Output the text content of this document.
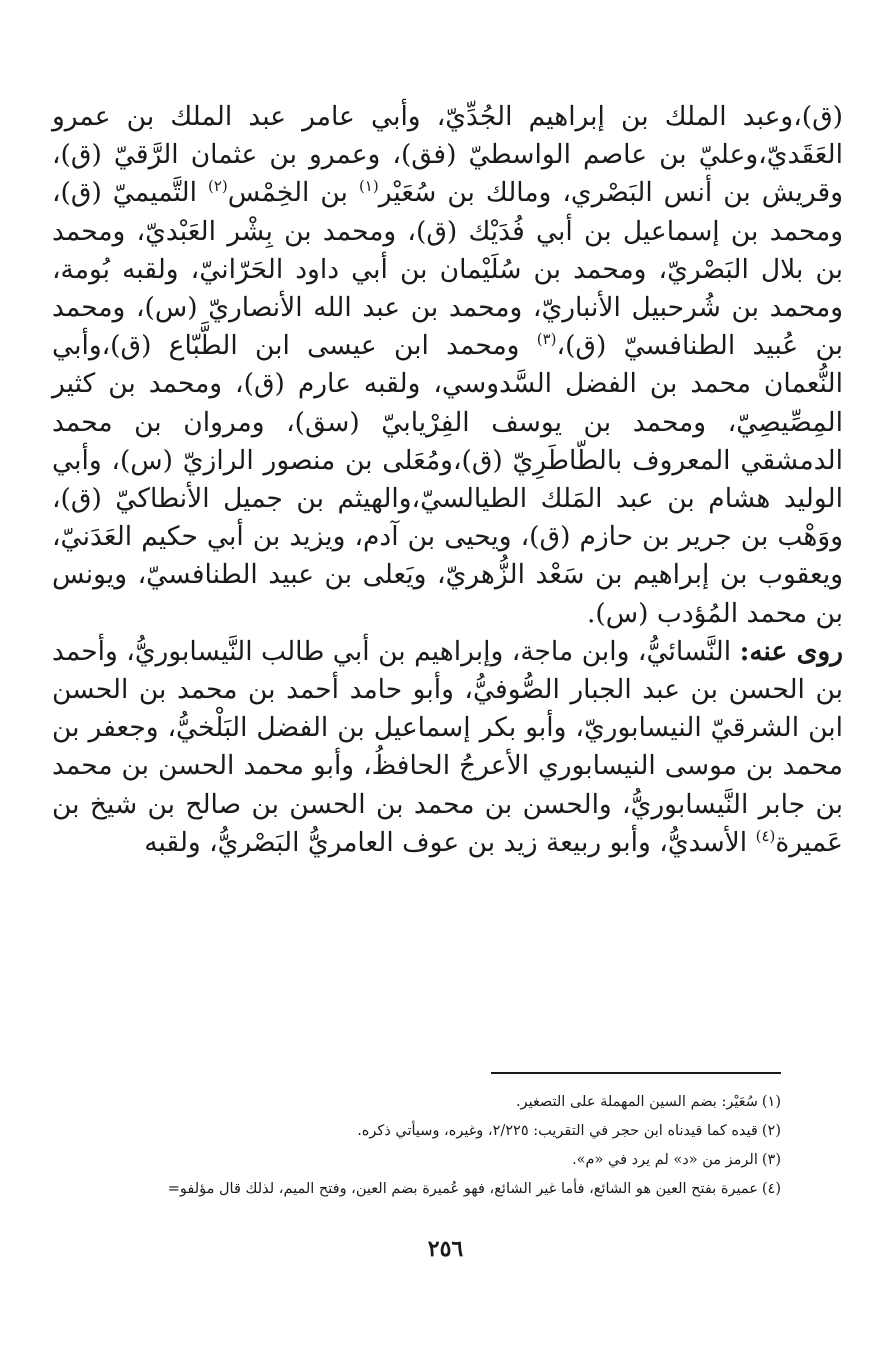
(ق)،وعبد الملك بن إبراهيم الجُدِّيّ، وأبي عامر عبد الملك بن عمرو العَقَديّ،وعليّ بن عاصم الواسطيّ (فق)، وعمرو بن عثمان الرَّقيّ (ق)، وقريش بن أنس البَصْري، ومالك بن سُعَيْر$^{(١)}$ بن الخِمْس$^{(٢)}$ التَّميميّ (ق)، ومحمد بن إسماعيل بن أبي فُدَيْك (ق)، ومحمد بن بِشْر العَبْديّ، ومحمد بن بلال البَصْريّ، ومحمد بن سُلَيْمان بن أبي داود الحَرّانيّ، ولقبه بُومة، ومحمد بن شُرحبيل الأنباريّ، ومحمد بن عبد الله الأنصاريّ (س)، ومحمد بن عُبيد الطنافسيّ (ق)،$^{(٣)}$ ومحمد ابن عيسى ابن الطَّبّاع (ق)،وأبي النُّعمان محمد بن الفضل السَّدوسي، ولقبه عارم (ق)، ومحمد بن كثير المِصِّيصِيّ، ومحمد بن يوسف الفِرْيابيّ (سق)، ومروان بن محمد الدمشقي المعروف بالطّاطَرِيّ (ق)،ومُعَلى بن منصور الرازيّ (س)، وأبي الوليد هشام بن عبد المَلك الطيالسيّ،والهيثم بن جميل الأنطاكيّ (ق)، ووَهْب بن جرير بن حازم (ق)، ويحيى بن آدم، ويزيد بن أبي حكيم العَدَنيّ، ويعقوب بن إبراهيم بن سَعْد الزُّهريّ، ويَعلى بن عبيد الطنافسيّ، ويونس بن محمد المُؤدب (س).

روى عنه: النَّسائيُّ، وابن ماجة، وإبراهيم بن أبي طالب النَّيسابوريُّ، وأحمد بن الحسن بن عبد الجبار الصُّوفيُّ، وأبو حامد أحمد بن محمد بن الحسن ابن الشرقيّ النيسابوريّ، وأبو بكر إسماعيل بن الفضل البَلْخيُّ، وجعفر بن محمد بن موسى النيسابوري الأعرجُ الحافظُ، وأبو محمد الحسن بن محمد بن جابر النَّيسابوريُّ، والحسن بن محمد بن الحسن بن صالح بن شيخ بن عَميرة$^{(٤)}$ الأسديُّ، وأبو ربيعة زيد بن عوف العامريُّ البَصْريُّ، ولقبه

(١)سُعَيْر: بضم السين المهملة على التصغير.
(٢)قيده كما قيدناه ابن حجر في التقريب: ٢/٢٢٥، وغيره، وسيأتي ذكره.
(٣)الرمز من «د» لم يرد في «م».
(٤)عميرة بفتح العين هو الشائع، فأما غير الشائع، فهو عُميرة بضم العين، وفتح الميم، لذلك قال مؤلفو=
٢٥٦
